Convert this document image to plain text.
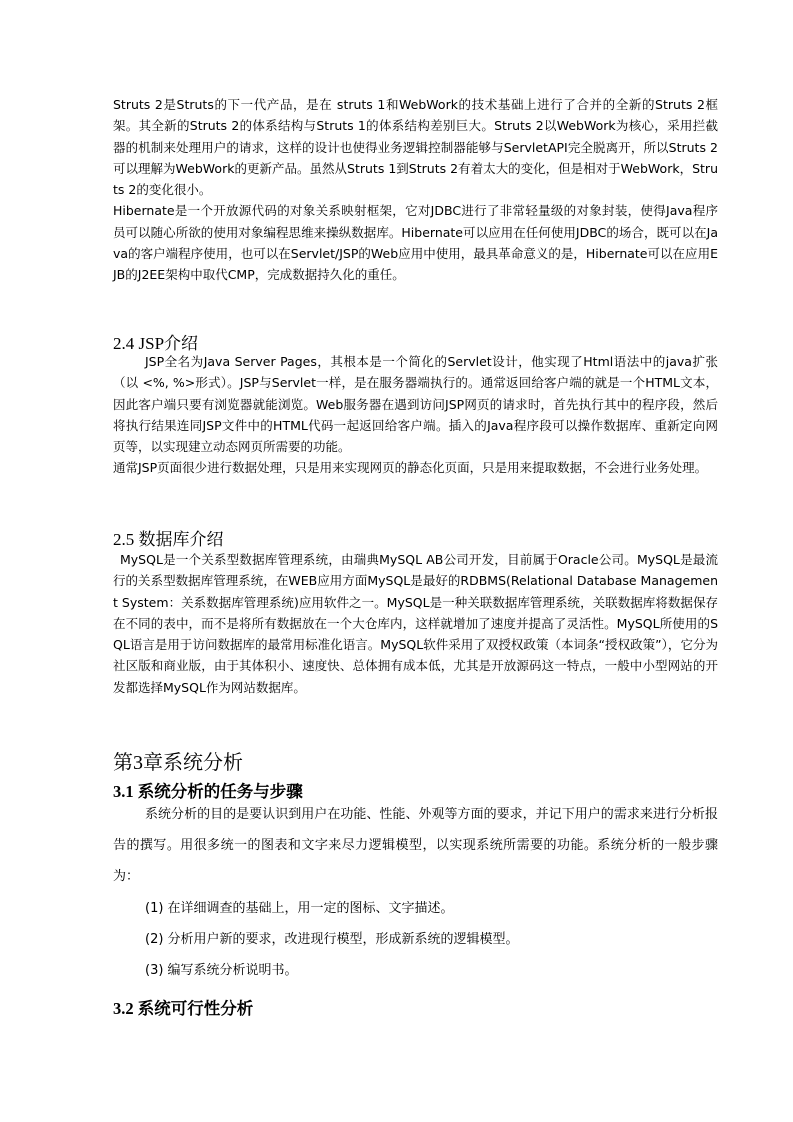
Struts 2是Struts的下一代产品，是在 struts 1和WebWork的技术基础上进行了合并的全新的Struts 2框架。其全新的Struts 2的体系结构与Struts 1的体系结构差别巨大。Struts 2以WebWork为核心，采用拦截器的机制来处理用户的请求，这样的设计也使得业务逻辑控制器能够与ServletAPI完全脱离开，所以Struts 2可以理解为WebWork的更新产品。虽然从Struts 1到Struts 2有着太大的变化，但是相对于WebWork，Struts 2的变化很小。

Hibernate是一个开放源代码的对象关系映射框架，它对JDBC进行了非常轻量级的对象封装，使得Java程序员可以随心所欲的使用对象编程思维来操纵数据库。Hibernate可以应用在任何使用JDBC的场合，既可以在Java的客户端程序使用，也可以在Servlet/JSP的Web应用中使用，最具革命意义的是，Hibernate可以在应用EJB的J2EE架构中取代CMP，完成数据持久化的重任。

2.4 JSP介绍

JSP全名为Java Server Pages，其根本是一个简化的Servlet设计，他实现了Html语法中的java扩张（以 <%, %>形式）。JSP与Servlet一样，是在服务器端执行的。通常返回给客户端的就是一个HTML文本，因此客户端只要有浏览器就能浏览。Web服务器在遇到访问JSP网页的请求时，首先执行其中的程序段，然后将执行结果连同JSP文件中的HTML代码一起返回给客户端。插入的Java程序段可以操作数据库、重新定向网页等，以实现建立动态网页所需要的功能。

通常JSP页面很少进行数据处理，只是用来实现网页的静态化页面，只是用来提取数据，不会进行业务处理。

2.5 数据库介绍

MySQL是一个关系型数据库管理系统，由瑞典MySQL AB公司开发，目前属于Oracle公司。MySQL是最流行的关系型数据库管理系统，在WEB应用方面MySQL是最好的RDBMS(Relational Database Management System：关系数据库管理系统)应用软件之一。MySQL是一种关联数据库管理系统，关联数据库将数据保存在不同的表中，而不是将所有数据放在一个大仓库内，这样就增加了速度并提高了灵活性。MySQL所使用的SQL语言是用于访问数据库的最常用标准化语言。MySQL软件采用了双授权政策（本词条“授权政策”），它分为社区版和商业版，由于其体积小、速度快、总体拥有成本低，尤其是开放源码这一特点，一般中小型网站的开发都选择MySQL作为网站数据库。

第3章系统分析
3.1 系统分析的任务与步骤

系统分析的目的是要认识到用户在功能、性能、外观等方面的要求，并记下用户的需求来进行分析报告的撰写。用很多统一的图表和文字来尽力逻辑模型，以实现系统所需要的功能。系统分析的一般步骤为：

(1) 在详细调查的基础上，用一定的图标、文字描述。

(2) 分析用户新的要求，改进现行模型，形成新系统的逻辑模型。

(3) 编写系统分析说明书。

3.2 系统可行性分析
